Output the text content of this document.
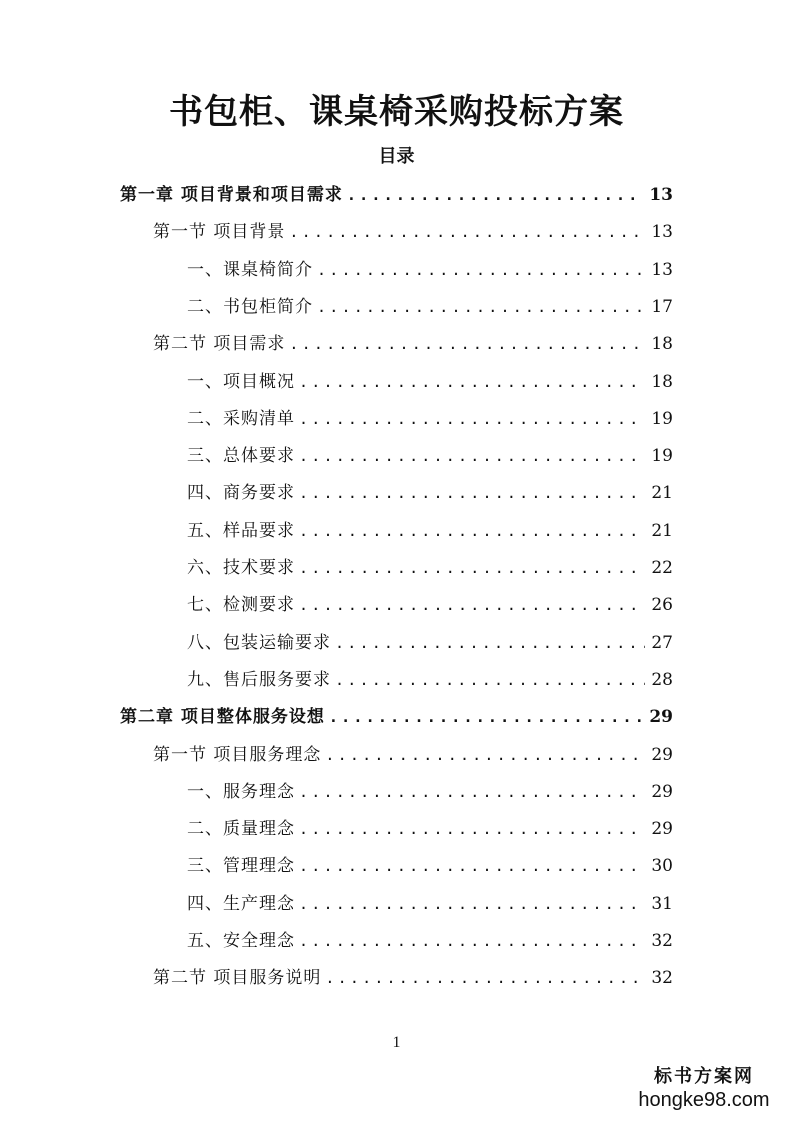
书包柜、课桌椅采购投标方案
目录
第一章 项目背景和项目需求 .....	13
第一节 项目背景 .....	13
一、课桌椅简介 .....	13
二、书包柜简介 .....	17
第二节 项目需求 .....	18
一、项目概况 .....	18
二、采购清单 .....	19
三、总体要求 .....	19
四、商务要求 .....	21
五、样品要求 .....	21
六、技术要求 .....	22
七、检测要求 .....	26
八、包装运输要求 .....	27
九、售后服务要求 .....	28
第二章 项目整体服务设想 .....	29
第一节 项目服务理念 .....	29
一、服务理念 .....	29
二、质量理念 .....	29
三、管理理念 .....	30
四、生产理念 .....	31
五、安全理念 .....	32
第二节 项目服务说明 .....	32
1
标书方案网
hongke98.com
